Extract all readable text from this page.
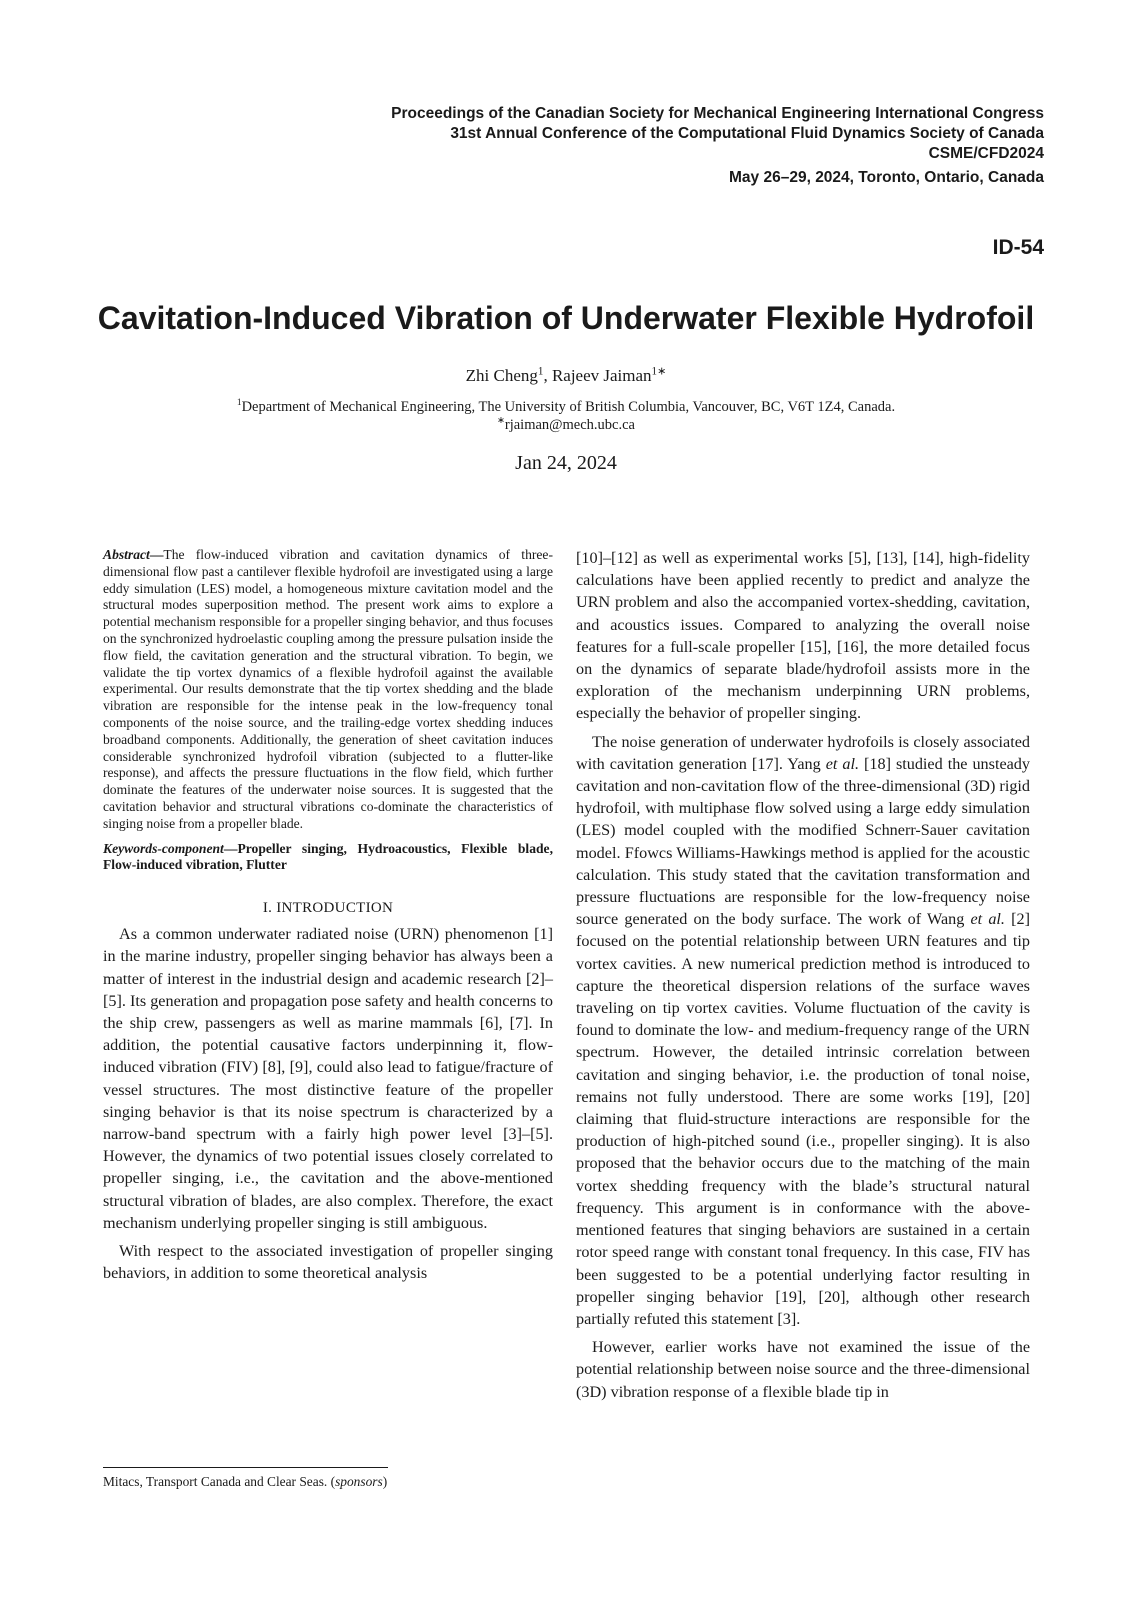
Proceedings of the Canadian Society for Mechanical Engineering International Congress
31st Annual Conference of the Computational Fluid Dynamics Society of Canada
CSME/CFD2024
May 26–29, 2024, Toronto, Ontario, Canada
ID-54
Cavitation-Induced Vibration of Underwater Flexible Hydrofoil
Zhi Cheng$^1$, Rajeev Jaiman$^{1∗}$
$^1$Department of Mechanical Engineering, The University of British Columbia, Vancouver, BC, V6T 1Z4, Canada.
∗rjaiman@mech.ubc.ca
Jan 24, 2024

Abstract—The flow-induced vibration and cavitation dynamics of three-dimensional flow past a cantilever flexible hydrofoil are investigated using a large eddy simulation (LES) model, a homogeneous mixture cavitation model and the structural modes superposition method. The present work aims to explore a potential mechanism responsible for a propeller singing behavior, and thus focuses on the synchronized hydroelastic coupling among the pressure pulsation inside the flow field, the cavitation generation and the structural vibration. To begin, we validate the tip vortex dynamics of a flexible hydrofoil against the available experimental. Our results demonstrate that the tip vortex shedding and the blade vibration are responsible for the intense peak in the low-frequency tonal components of the noise source, and the trailing-edge vortex shedding induces broadband components. Additionally, the generation of sheet cavitation induces considerable synchronized hydrofoil vibration (subjected to a flutter-like response), and affects the pressure fluctuations in the flow field, which further dominate the features of the underwater noise sources. It is suggested that the cavitation behavior and structural vibrations co-dominate the characteristics of singing noise from a propeller blade.

Keywords-component—Propeller singing, Hydroacoustics, Flexible blade, Flow-induced vibration, Flutter

I. INTRODUCTION

As a common underwater radiated noise (URN) phenomenon [1] in the marine industry, propeller singing behavior has always been a matter of interest in the industrial design and academic research [2]–[5]. Its generation and propagation pose safety and health concerns to the ship crew, passengers as well as marine mammals [6], [7]. In addition, the potential causative factors underpinning it, flow-induced vibration (FIV) [8], [9], could also lead to fatigue/fracture of vessel structures. The most distinctive feature of the propeller singing behavior is that its noise spectrum is characterized by a narrow-band spectrum with a fairly high power level [3]–[5]. However, the dynamics of two potential issues closely correlated to propeller singing, i.e., the cavitation and the above-mentioned structural vibration of blades, are also complex. Therefore, the exact mechanism underlying propeller singing is still ambiguous.

With respect to the associated investigation of propeller singing behaviors, in addition to some theoretical analysis

[10]–[12] as well as experimental works [5], [13], [14], high-fidelity calculations have been applied recently to predict and analyze the URN problem and also the accompanied vortex-shedding, cavitation, and acoustics issues. Compared to analyzing the overall noise features for a full-scale propeller [15], [16], the more detailed focus on the dynamics of separate blade/hydrofoil assists more in the exploration of the mechanism underpinning URN problems, especially the behavior of propeller singing.

The noise generation of underwater hydrofoils is closely associated with cavitation generation [17]. Yang et al. [18] studied the unsteady cavitation and non-cavitation flow of the three-dimensional (3D) rigid hydrofoil, with multiphase flow solved using a large eddy simulation (LES) model coupled with the modified Schnerr-Sauer cavitation model. Ffowcs Williams-Hawkings method is applied for the acoustic calculation. This study stated that the cavitation transformation and pressure fluctuations are responsible for the low-frequency noise source generated on the body surface. The work of Wang et al. [2] focused on the potential relationship between URN features and tip vortex cavities. A new numerical prediction method is introduced to capture the theoretical dispersion relations of the surface waves traveling on tip vortex cavities. Volume fluctuation of the cavity is found to dominate the low- and medium-frequency range of the URN spectrum. However, the detailed intrinsic correlation between cavitation and singing behavior, i.e. the production of tonal noise, remains not fully understood. There are some works [19], [20] claiming that fluid-structure interactions are responsible for the production of high-pitched sound (i.e., propeller singing). It is also proposed that the behavior occurs due to the matching of the main vortex shedding frequency with the blade’s structural natural frequency. This argument is in conformance with the above-mentioned features that singing behaviors are sustained in a certain rotor speed range with constant tonal frequency. In this case, FIV has been suggested to be a potential underlying factor resulting in propeller singing behavior [19], [20], although other research partially refuted this statement [3].

However, earlier works have not examined the issue of the potential relationship between noise source and the three-dimensional (3D) vibration response of a flexible blade tip in

Mitacs, Transport Canada and Clear Seas. (sponsors)
